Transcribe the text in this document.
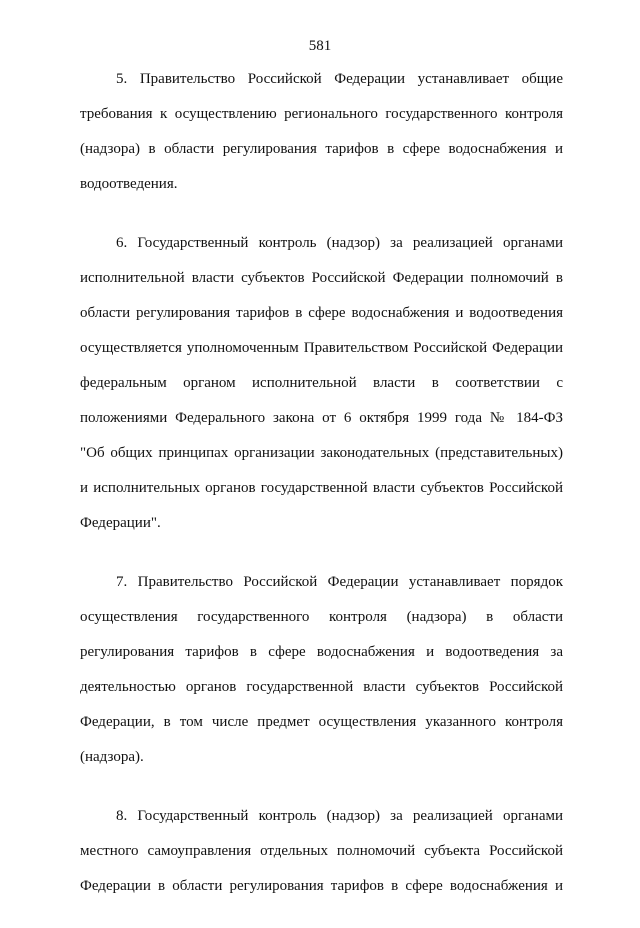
581

5. Правительство Российской Федерации устанавливает общие
требования к осуществлению регионального государственного контроля
(надзора) в области регулирования тарифов в сфере водоснабжения и
водоотведения.

6. Государственный контроль (надзор) за реализацией органами
исполнительной власти субъектов Российской Федерации полномочий в
области регулирования тарифов в сфере водоснабжения и водоотведения
осуществляется уполномоченным Правительством Российской Федерации
федеральным органом исполнительной власти в соответствии с
положениями Федерального закона от 6 октября 1999 года № 184-ФЗ
"Об общих принципах организации законодательных (представительных)
и исполнительных органов государственной власти субъектов Российской
Федерации".

7. Правительство Российской Федерации устанавливает порядок
осуществления государственного контроля (надзора) в области
регулирования тарифов в сфере водоснабжения и водоотведения за
деятельностью органов государственной власти субъектов Российской
Федерации, в том числе предмет осуществления указанного контроля
(надзора).

8. Государственный контроль (надзор) за реализацией органами
местного самоуправления отдельных полномочий субъекта Российской
Федерации в области регулирования тарифов в сфере водоснабжения и
